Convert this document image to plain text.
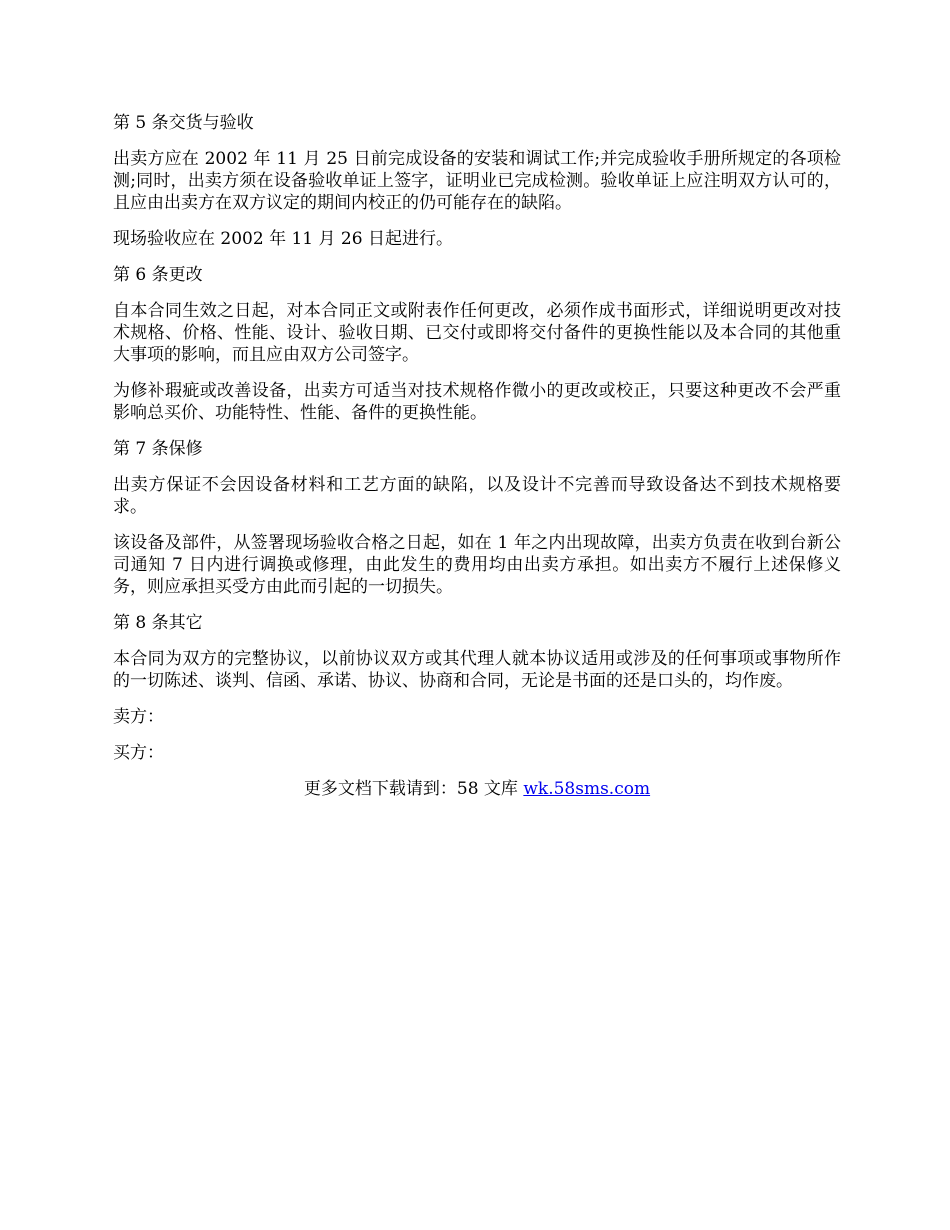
第 5 条交货与验收

出卖方应在 2002 年 11 月 25 日前完成设备的安装和调试工作;并完成验收手册所规定的各项检测;同时，出卖方须在设备验收单证上签字，证明业已完成检测。验收单证上应注明双方认可的，且应由出卖方在双方议定的期间内校正的仍可能存在的缺陷。

现场验收应在 2002 年 11 月 26 日起进行。

第 6 条更改

自本合同生效之日起，对本合同正文或附表作任何更改，必须作成书面形式，详细说明更改对技术规格、价格、性能、设计、验收日期、已交付或即将交付备件的更换性能以及本合同的其他重大事项的影响，而且应由双方公司签字。

为修补瑕疵或改善设备，出卖方可适当对技术规格作微小的更改或校正，只要这种更改不会严重影响总买价、功能特性、性能、备件的更换性能。

第 7 条保修

出卖方保证不会因设备材料和工艺方面的缺陷，以及设计不完善而导致设备达不到技术规格要求。

该设备及部件，从签署现场验收合格之日起，如在 1 年之内出现故障，出卖方负责在收到台新公司通知 7 日内进行调换或修理，由此发生的费用均由出卖方承担。如出卖方不履行上述保修义务，则应承担买受方由此而引起的一切损失。

第 8 条其它

本合同为双方的完整协议，以前协议双方或其代理人就本协议适用或涉及的任何事项或事物所作的一切陈述、谈判、信函、承诺、协议、协商和合同，无论是书面的还是口头的，均作废。

卖方：

买方：

更多文档下载请到：58 文库 wk.58sms.com
